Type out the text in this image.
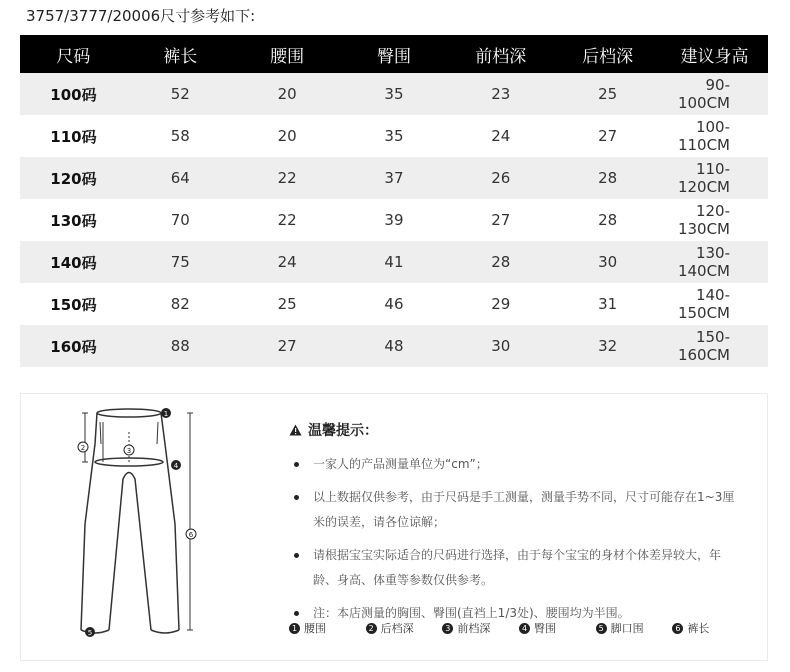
3757/3777/20006尺寸参考如下:
尺码	裤长	腰围	臀围	前档深	后档深	建议身高
100码	52	20	35	23	25	90-100CM
110码	58	20	35	24	27	100-110CM
120码	64	22	37	26	28	110-120CM
130码	70	22	39	27	28	120-130CM
140码	75	24	41	28	30	130-140CM
150码	82	25	46	29	31	140-150CM
160码	88	27	48	30	32	150-160CM
1
2	3
4
5
6
温馨提示：
一家人的产品测量单位为“cm”；
以上数据仅供参考，由于尺码是手工测量，测量手势不同，尺寸可能存在1~3厘米的误差，请各位谅解；
请根据宝宝实际适合的尺码进行选择，由于每个宝宝的身材个体差异较大，年龄、身高、体重等参数仅供参考。
注：本店测量的胸围、臀围(直裆上1/3处)、腰围均为半围。
1 腰围	2 后档深	3 前档深	4 臀围	5 脚口围	6 裤长
